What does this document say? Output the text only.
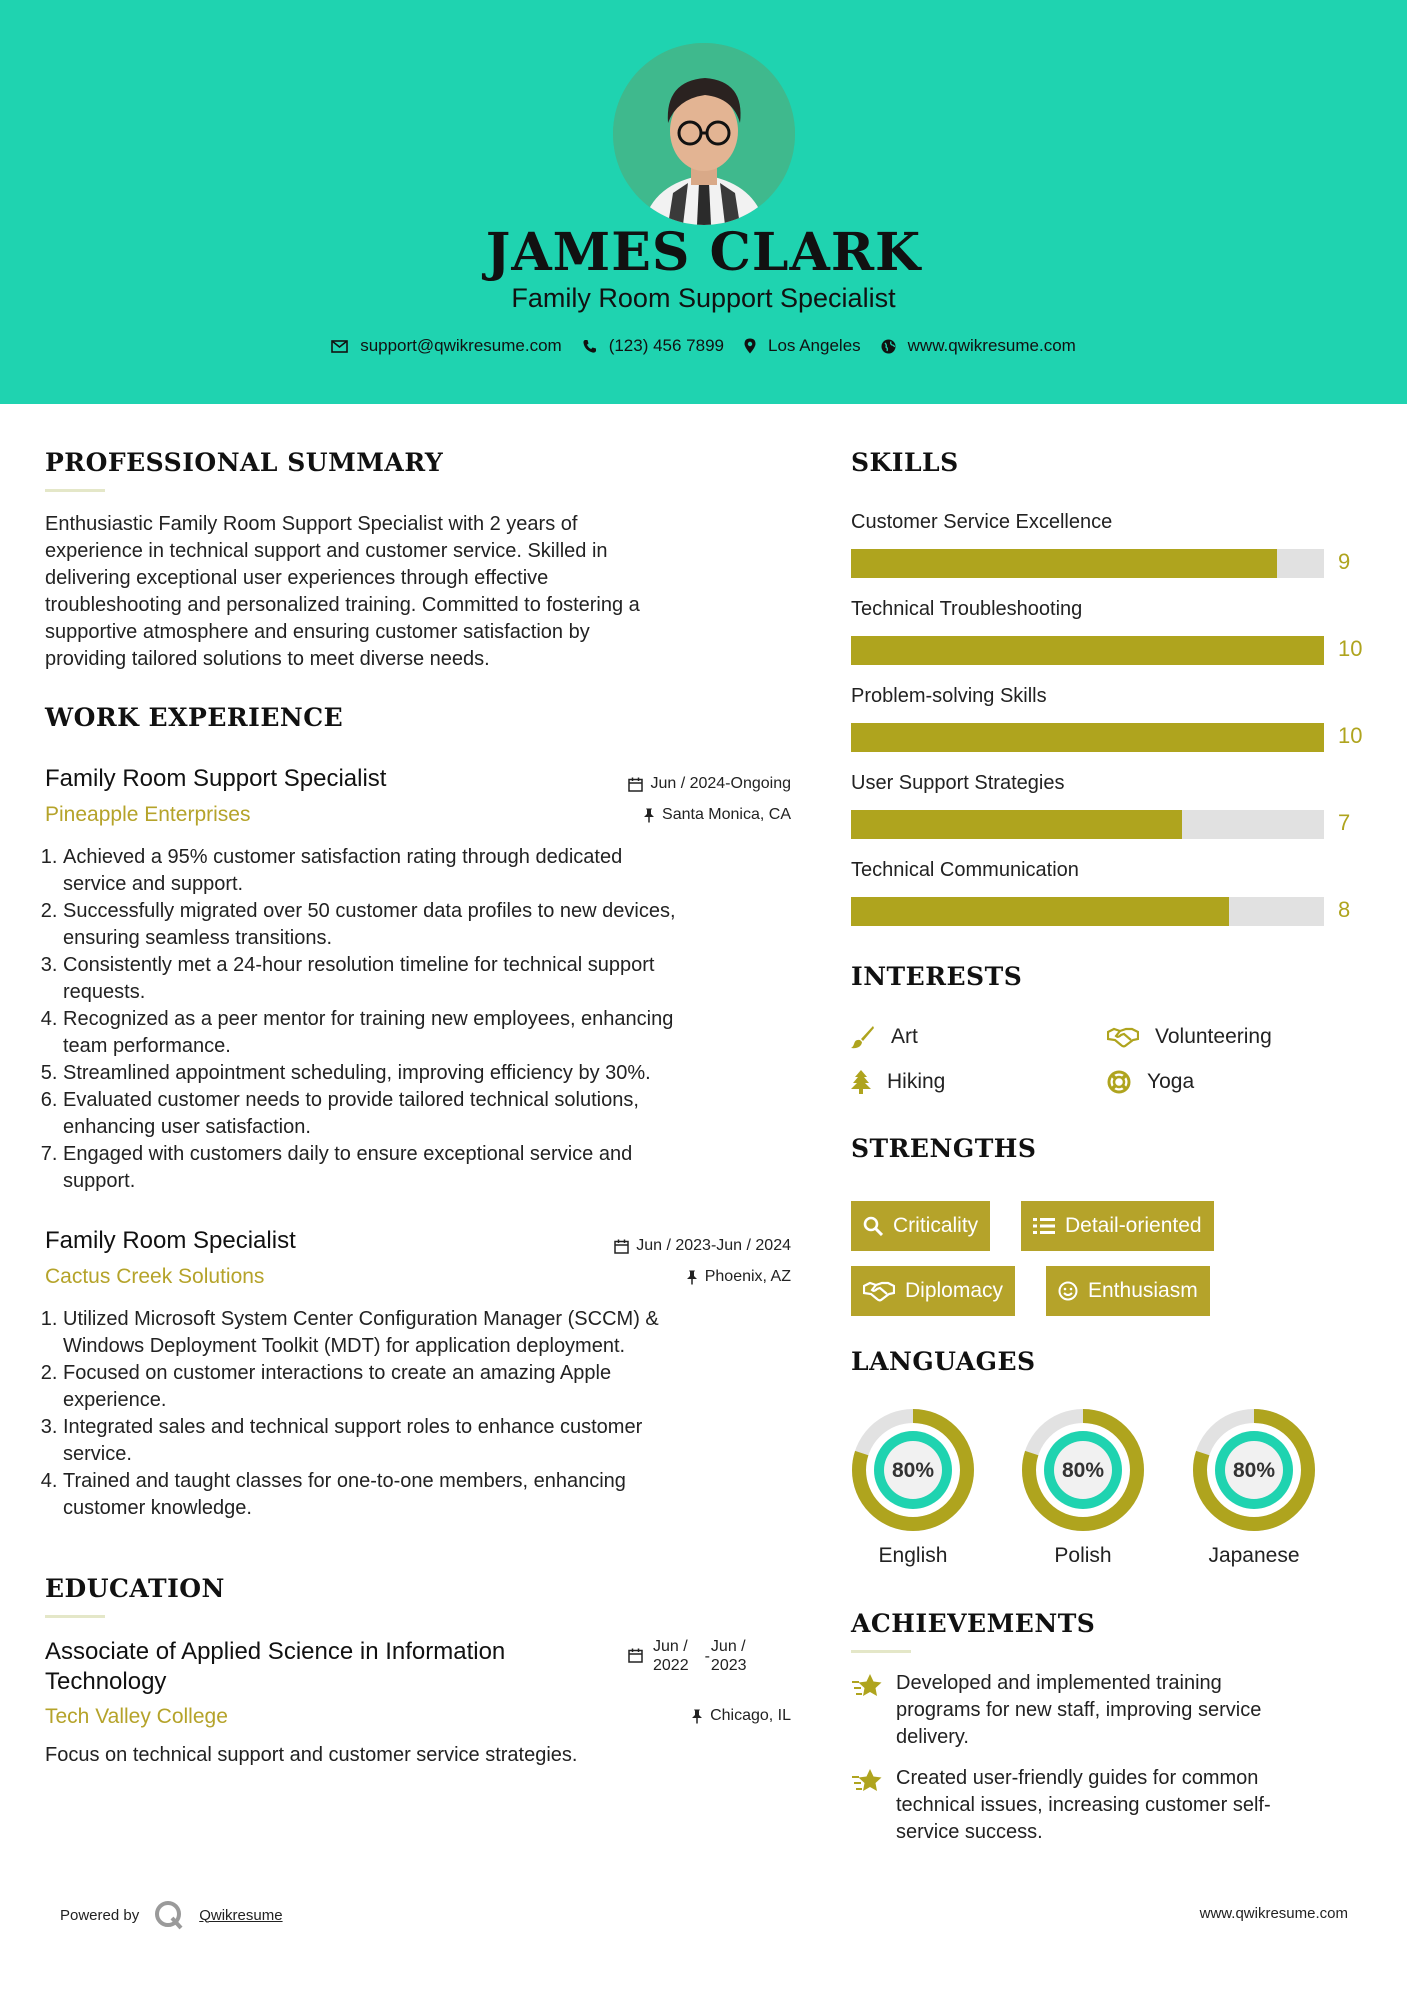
JAMES CLARK
Family Room Support Specialist
support@qwikresume.com	(123) 456 7899	Los Angeles	www.qwikresume.com
PROFESSIONAL SUMMARY
Enthusiastic Family Room Support Specialist with 2 years of
experience in technical support and customer service. Skilled in
delivering exceptional user experiences through effective
troubleshooting and personalized training. Committed to fostering a
supportive atmosphere and ensuring customer satisfaction by
providing tailored solutions to meet diverse needs.
WORK EXPERIENCE
Family Room Support Specialist
Pineapple Enterprises
Jun / 2024-Ongoing
Santa Monica, CA
1. Achieved a 95% customer satisfaction rating through dedicated
service and support.
2. Successfully migrated over 50 customer data profiles to new devices,
ensuring seamless transitions.
3. Consistently met a 24-hour resolution timeline for technical support
requests.
4. Recognized as a peer mentor for training new employees, enhancing
team performance.
5. Streamlined appointment scheduling, improving efficiency by 30%.
6. Evaluated customer needs to provide tailored technical solutions,
enhancing user satisfaction.
7. Engaged with customers daily to ensure exceptional service and
support.
Family Room Specialist
Cactus Creek Solutions
Jun / 2023-Jun / 2024
Phoenix, AZ
1. Utilized Microsoft System Center Configuration Manager (SCCM) &
Windows Deployment Toolkit (MDT) for application deployment.
2. Focused on customer interactions to create an amazing Apple
experience.
3. Integrated sales and technical support roles to enhance customer
service.
4. Trained and taught classes for one-to-one members, enhancing
customer knowledge.
EDUCATION
Associate of Applied Science in Information
Technology
Jun /
2022
-
Jun /
2023
Tech Valley College	Chicago, IL
Focus on technical support and customer service strategies.
SKILLS
Customer Service Excellence
9
Technical Troubleshooting
10
Problem-solving Skills
10
User Support Strategies
7
Technical Communication
8
INTERESTS
Art	Volunteering
Hiking	Yoga
STRENGTHS
Criticality	Detail-oriented
Diplomacy	Enthusiasm
LANGUAGES
80%
English
80%
Polish
80%
Japanese
ACHIEVEMENTS
Developed and implemented training
programs for new staff, improving service
delivery.
Created user-friendly guides for common
technical issues, increasing customer self-
service success.
Powered by	Qwikresume	www.qwikresume.com
